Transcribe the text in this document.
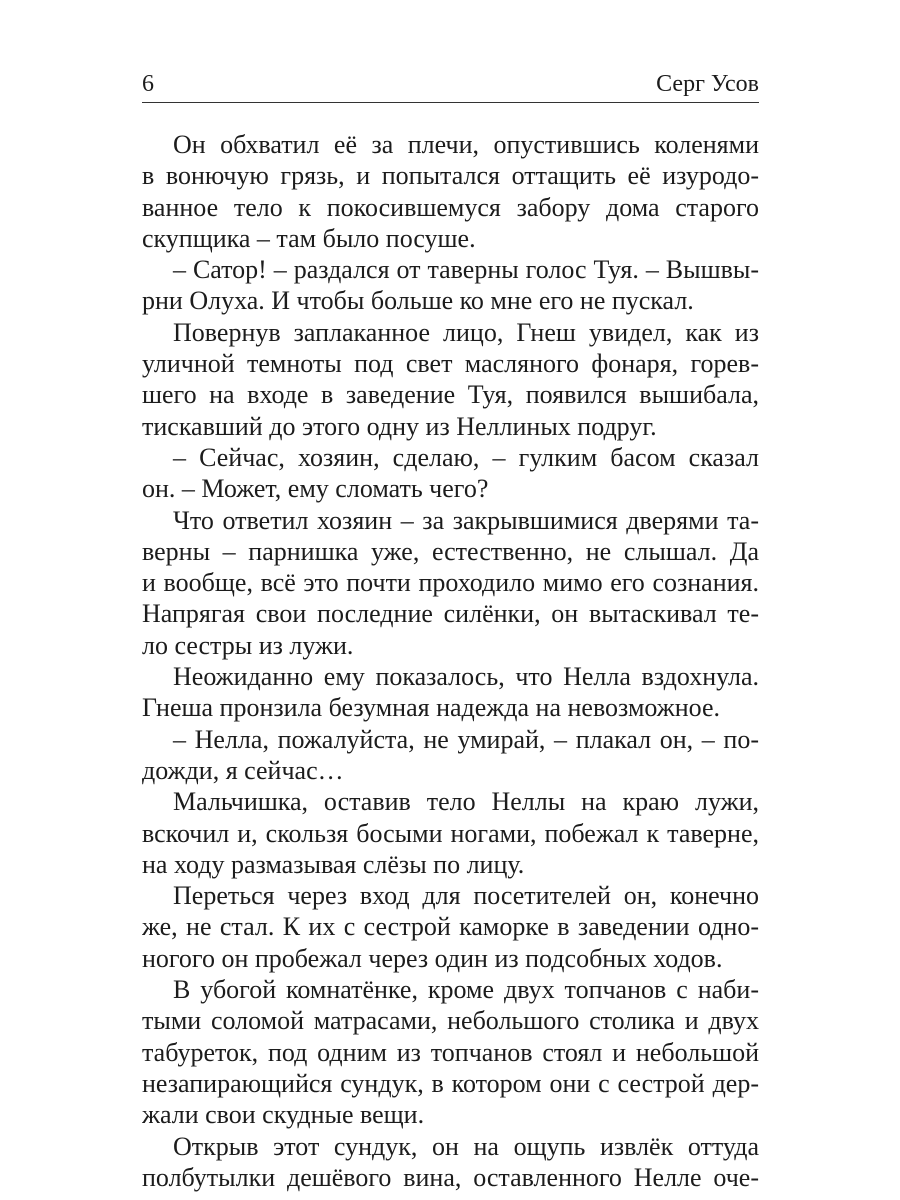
6	Серг Усов
Он обхватил её за плечи, опустившись коленями
в вонючую грязь, и попытался оттащить её изуродо-
ванное тело к покосившемуся забору дома старого
скупщика – там было посуше.
– Сатор! – раздался от таверны голос Туя. – Вышвы-
рни Олуха. И чтобы больше ко мне его не пускал.
Повернув заплаканное лицо, Гнеш увидел, как из
уличной темноты под свет масляного фонаря, горев-
шего на входе в заведение Туя, появился вышибала,
тискавший до этого одну из Неллиных подруг.
– Сейчас, хозяин, сделаю, – гулким басом сказал
он. – Может, ему сломать чего?
Что ответил хозяин – за закрывшимися дверями та-
верны – парнишка уже, естественно, не слышал. Да
и вообще, всё это почти проходило мимо его сознания.
Напрягая свои последние силёнки, он вытаскивал те-
ло сестры из лужи.
Неожиданно ему показалось, что Нелла вздохнула.
Гнеша пронзила безумная надежда на невозможное.
– Нелла, пожалуйста, не умирай, – плакал он, – по-
дожди, я сейчас…
Мальчишка, оставив тело Неллы на краю лужи,
вскочил и, скользя босыми ногами, побежал к таверне,
на ходу размазывая слёзы по лицу.
Переться через вход для посетителей он, конечно
же, не стал. К их с сестрой каморке в заведении одно-
ногого он пробежал через один из подсобных ходов.
В убогой комнатёнке, кроме двух топчанов с наби-
тыми соломой матрасами, небольшого столика и двух
табуреток, под одним из топчанов стоял и небольшой
незапирающийся сундук, в котором они с сестрой дер-
жали свои скудные вещи.
Открыв этот сундук, он на ощупь извлёк оттуда
полбутылки дешёвого вина, оставленного Нелле оче-
